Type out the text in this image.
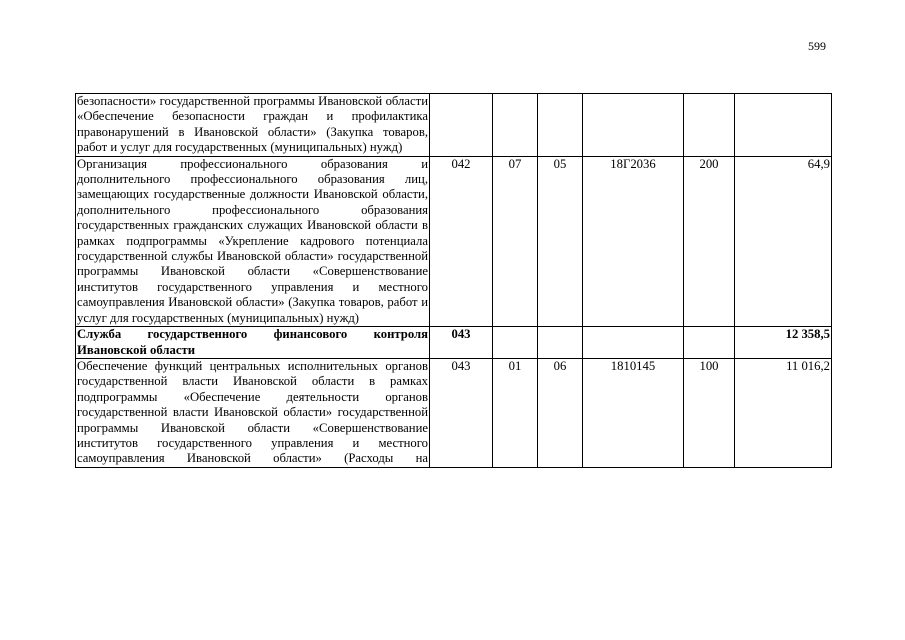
599
безопасности» государственной программы Ивановской области «Обеспечение безопасности граждан и профилактика правонарушений в Ивановской области» (Закупка товаров, работ и услуг для государственных (муниципальных) нужд)						
Организация профессионального образования и дополнительного профессионального образования лиц, замещающих государственные должности Ивановской области, дополнительного профессионального образования государственных гражданских служащих Ивановской области в рамках подпрограммы «Укрепление кадрового потенциала государственной службы Ивановской области» государственной программы Ивановской области «Совершенствование институтов государственного управления и местного самоуправления Ивановской области» (Закупка товаров, работ и услуг для государственных (муниципальных) нужд)	042	07	05	18Г2036	200	64,9
Служба государственного финансового контроля Ивановской области	043					12 358,5
Обеспечение функций центральных исполнительных органов государственной власти Ивановской области в рамках подпрограммы «Обеспечение деятельности органов государственной власти Ивановской области» государственной программы Ивановской области «Совершенствование институтов государственного управления и местного самоуправления Ивановской области» (Расходы на	043	01	06	1810145	100	11 016,2
